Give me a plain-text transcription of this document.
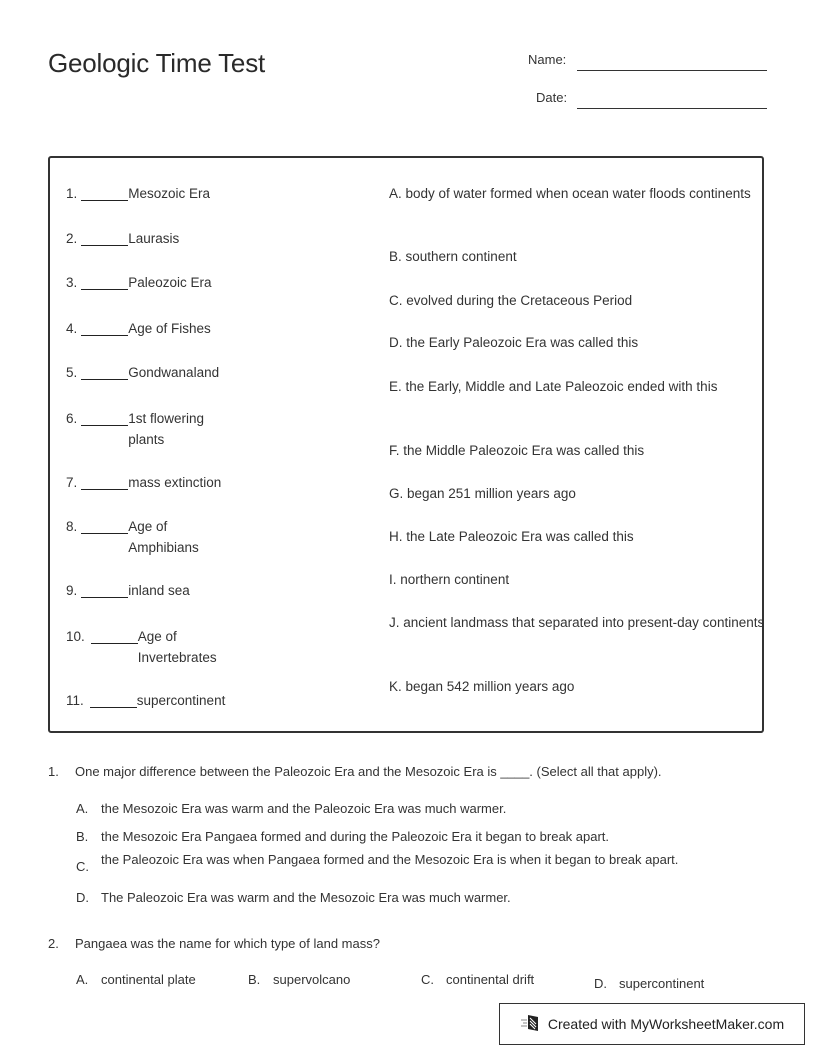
Geologic Time Test	Name:
Date:
1.	Mesozoic Era
2.	Laurasis
3.	Paleozoic Era
4.	Age of Fishes
5.	Gondwanaland
6.	1st flowering plants
7.	mass extinction
8.	Age of Amphibians
9.	inland sea
10.	Age of Invertebrates
11.	supercontinent
A. body of water formed when ocean water floods continents
B. southern continent
C. evolved during the Cretaceous Period
D. the Early Paleozoic Era was called this
E. the Early, Middle and Late Paleozoic ended with this
F. the Middle Paleozoic Era was called this
G. began 251 million years ago
H. the Late Paleozoic Era was called this
I. northern continent
J. ancient landmass that separated into present-day continents
K. began 542 million years ago
1. One major difference between the Paleozoic Era and the Mesozoic Era is ____. (Select all that apply).
A. the Mesozoic Era was warm and the Paleozoic Era was much warmer.
B. the Mesozoic Era Pangaea formed and during the Paleozoic Era it began to break apart.
C. the Paleozoic Era was when Pangaea formed and the Mesozoic Era is when it began to break apart.
D. The Paleozoic Era was warm and the Mesozoic Era was much warmer.
2. Pangaea was the name for which type of land mass?
A. continental plate	B. supervolcano	C. continental drift	D. supercontinent
Created with MyWorksheetMaker.com
